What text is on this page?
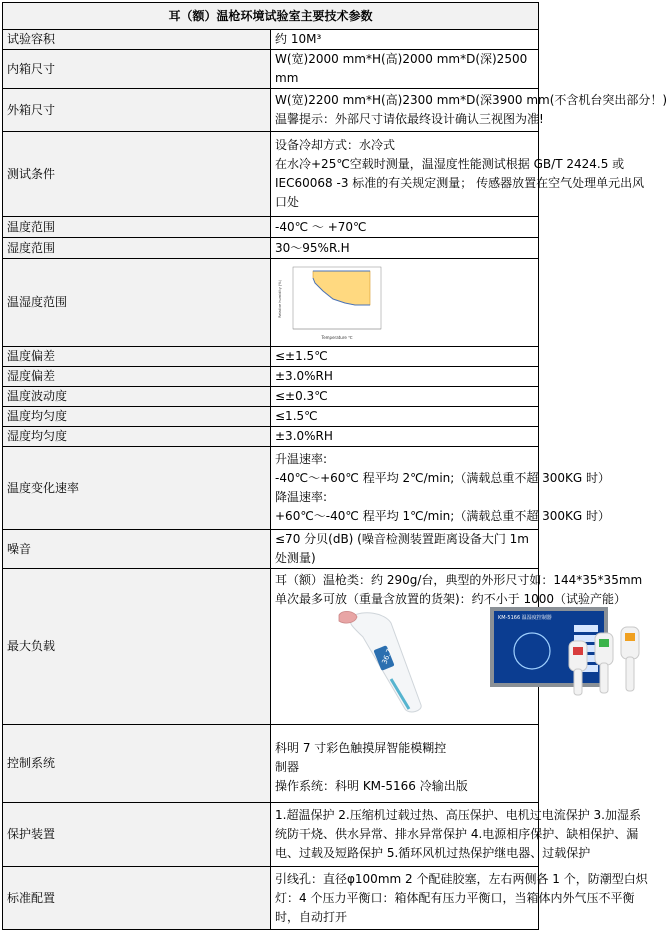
耳（额）温枪环境试验室主要技术参数	
试验容积	约 10M³
内箱尺寸	W(宽)2000 mm*H(高)2000 mm*D(深)2500 mm
外箱尺寸	W(宽)2200 mm*H(高)2300 mm*D(深3900 mm(不含机台突出部分！)
温馨提示：外部尺寸请依最终设计确认三视图为准!

测试条件	设备冷却方式：水冷式
在水冷+25℃空载时测量，温湿度性能测试根据 GB/T 2424.5 或
IEC60068 -3 标准的有关规定测量； 传感器放置在空气处理单元出风
口处

温度范围	-40℃ ～ +70℃
湿度范围	30～95%R.H
温湿度范围	Temperature ℃
Relative humidity (%)

温度偏差	≤±1.5℃
湿度偏差	±3.0%RH
温度波动度	≤±0.3℃
温度均匀度	≤1.5℃
湿度均匀度	±3.0%RH
温度变化速率	升温速率:
-40℃～+60℃ 程平均 2℃/min;（满载总重不超 300KG 时）
降温速率:
+60℃～-40℃ 程平均 1℃/min;（满载总重不超 300KG 时）

噪音	≤70 分贝(dB) (噪音检测装置距离设备大门 1m 处测量)
最大负载	耳（额）温枪类：约 290g/台，典型的外形尺寸如：144*35*35mm
单次最多可放（重量含放置的货架)：约不小于 1000（试验产能）
36.7
KM-5166 温湿度控制器

控制系统	科明 7 寸彩色触摸屏智能模糊控
制器
操作系统：科明 KM-5166 冷输出版

保护装置	1.超温保护 2.压缩机过载过热、高压保护、电机过电流保护 3.加湿系
统防干烧、供水异常、排水异常保护 4.电源相序保护、缺相保护、漏
电、过载及短路保护 5.循环风机过热保护继电器、过载保护

标准配置	引线孔：直径φ100mm 2 个配硅胶塞，左右两侧各 1 个，防潮型白炽
灯：4 个压力平衡口：箱体配有压力平衡口，当箱体内外气压不平衡
时，自动打开
